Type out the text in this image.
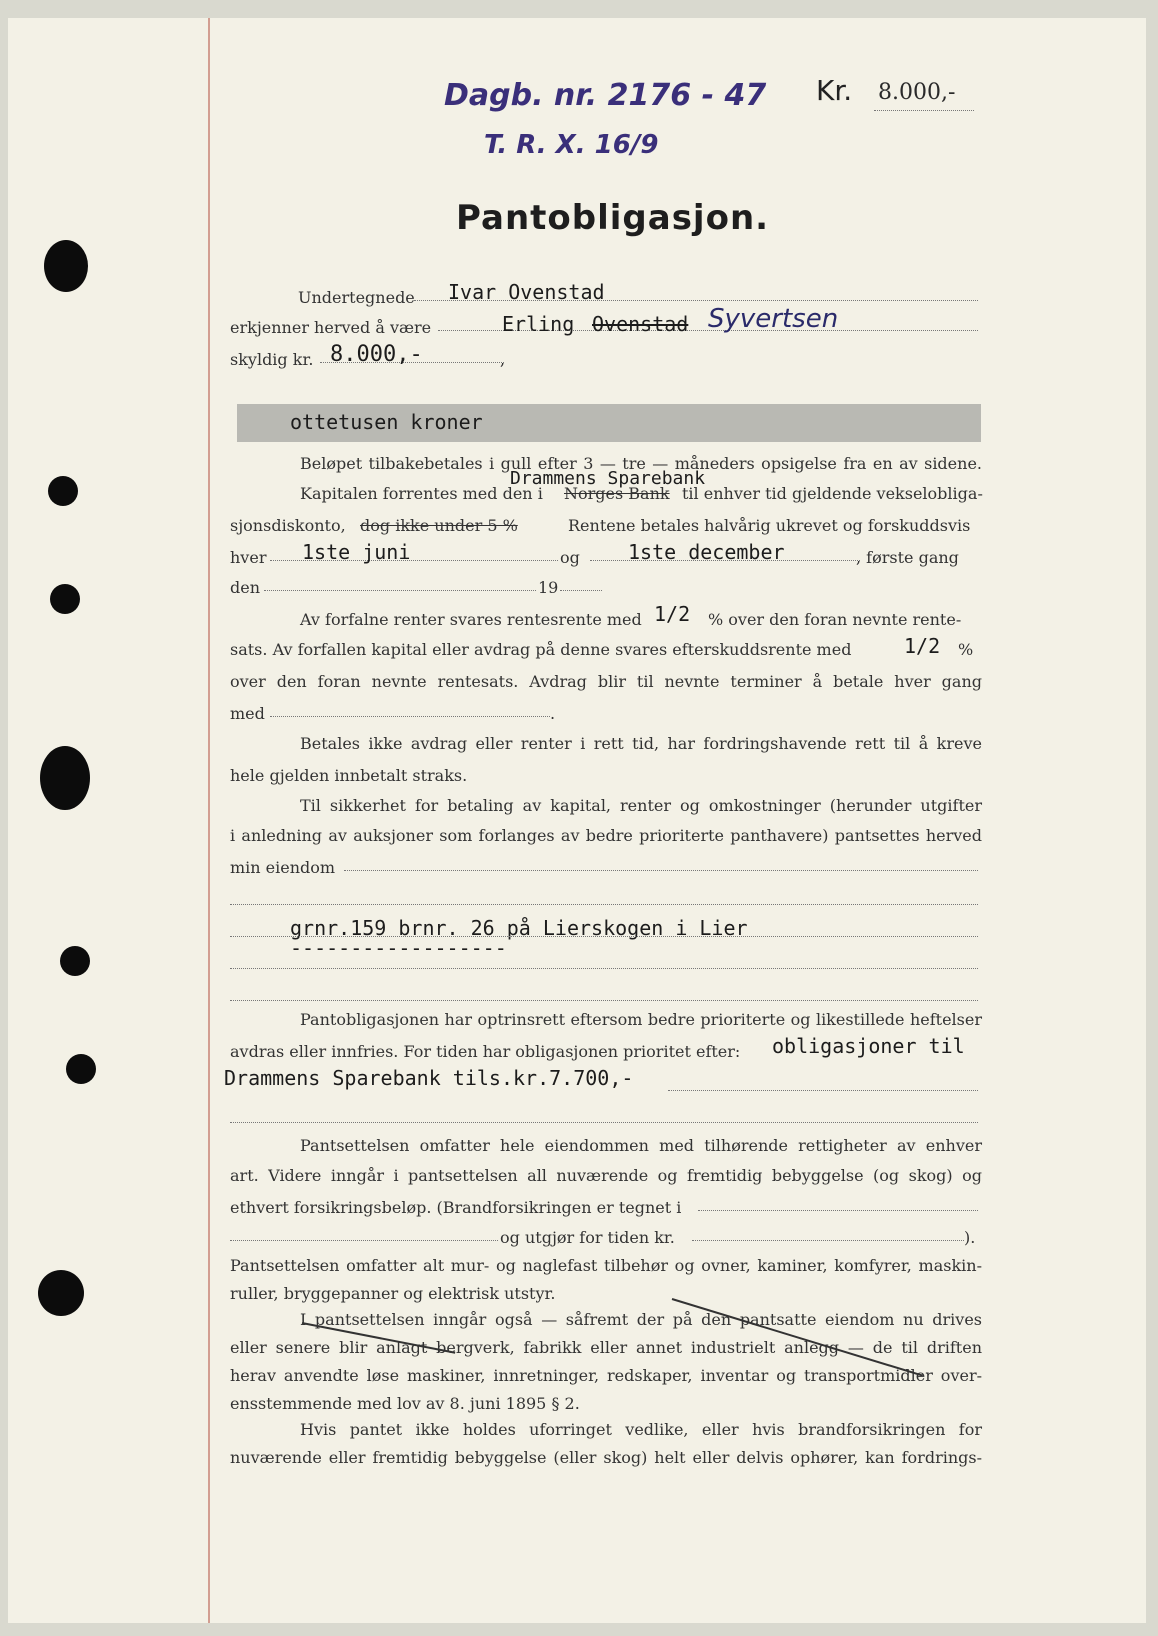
Dagb. nr. 2176 - 47
T. R. X. 16/9
Kr. 8.000,-
Pantobligasjon.
Undertegnede Ivar Ovenstad
erkjenner herved å være	Erling Ovenstad Syvertsen
skyldig kr. 8.000,-	,
ottetusen kroner
Beløpet tilbakebetales i gull efter 3 — tre — måneders opsigelse fra en av sidene.
Drammens Sparebank
Kapitalen forrentes med den i Norges Bank til enhver tid gjeldende vekselobliga-
sjonsdiskonto, dog ikke under 5 %	Rentene betales halvårig ukrevet og forskuddsvis
hver 1ste juni	og 1ste december	, første gang
den	19
Av forfalne renter svares rentesrente med 1/2 % over den foran nevnte rente-
sats. Av forfallen kapital eller avdrag på denne svares efterskuddsrente med	1/2 %
over den foran nevnte rentesats. Avdrag blir til nevnte terminer å betale hver gang
med	.
Betales ikke avdrag eller renter i rett tid, har fordringshavende rett til å kreve
hele gjelden innbetalt straks.
Til sikkerhet for betaling av kapital, renter og omkostninger (herunder utgifter
i anledning av auksjoner som forlanges av bedre prioriterte panthavere) pantsettes herved
min eiendom
grnr.159 brnr. 26 på Lierskogen i Lier
------------------
Pantobligasjonen har optrinsrett eftersom bedre prioriterte og likestillede heftelser
avdras eller innfries. For tiden har obligasjonen prioritet efter: obligasjoner til
Drammens Sparebank tils.kr.7.700,-
Pantsettelsen omfatter hele eiendommen med tilhørende rettigheter av enhver
art. Videre inngår i pantsettelsen all nuværende og fremtidig bebyggelse (og skog) og
ethvert forsikringsbeløp. (Brandforsikringen er tegnet i
og utgjør for tiden kr.	).
Pantsettelsen omfatter alt mur- og naglefast tilbehør og ovner, kaminer, komfyrer, maskin-
ruller, bryggepanner og elektrisk utstyr.
I pantsettelsen inngår også — såfremt der på den pantsatte eiendom nu drives
eller senere blir anlagt bergverk, fabrikk eller annet industrielt anlegg — de til driften
herav anvendte løse maskiner, innretninger, redskaper, inventar og transportmidler over-
ensstemmende med lov av 8. juni 1895 § 2.
Hvis pantet ikke holdes uforringet vedlike, eller hvis brandforsikringen for
nuværende eller fremtidig bebyggelse (eller skog) helt eller delvis ophører, kan fordrings-
